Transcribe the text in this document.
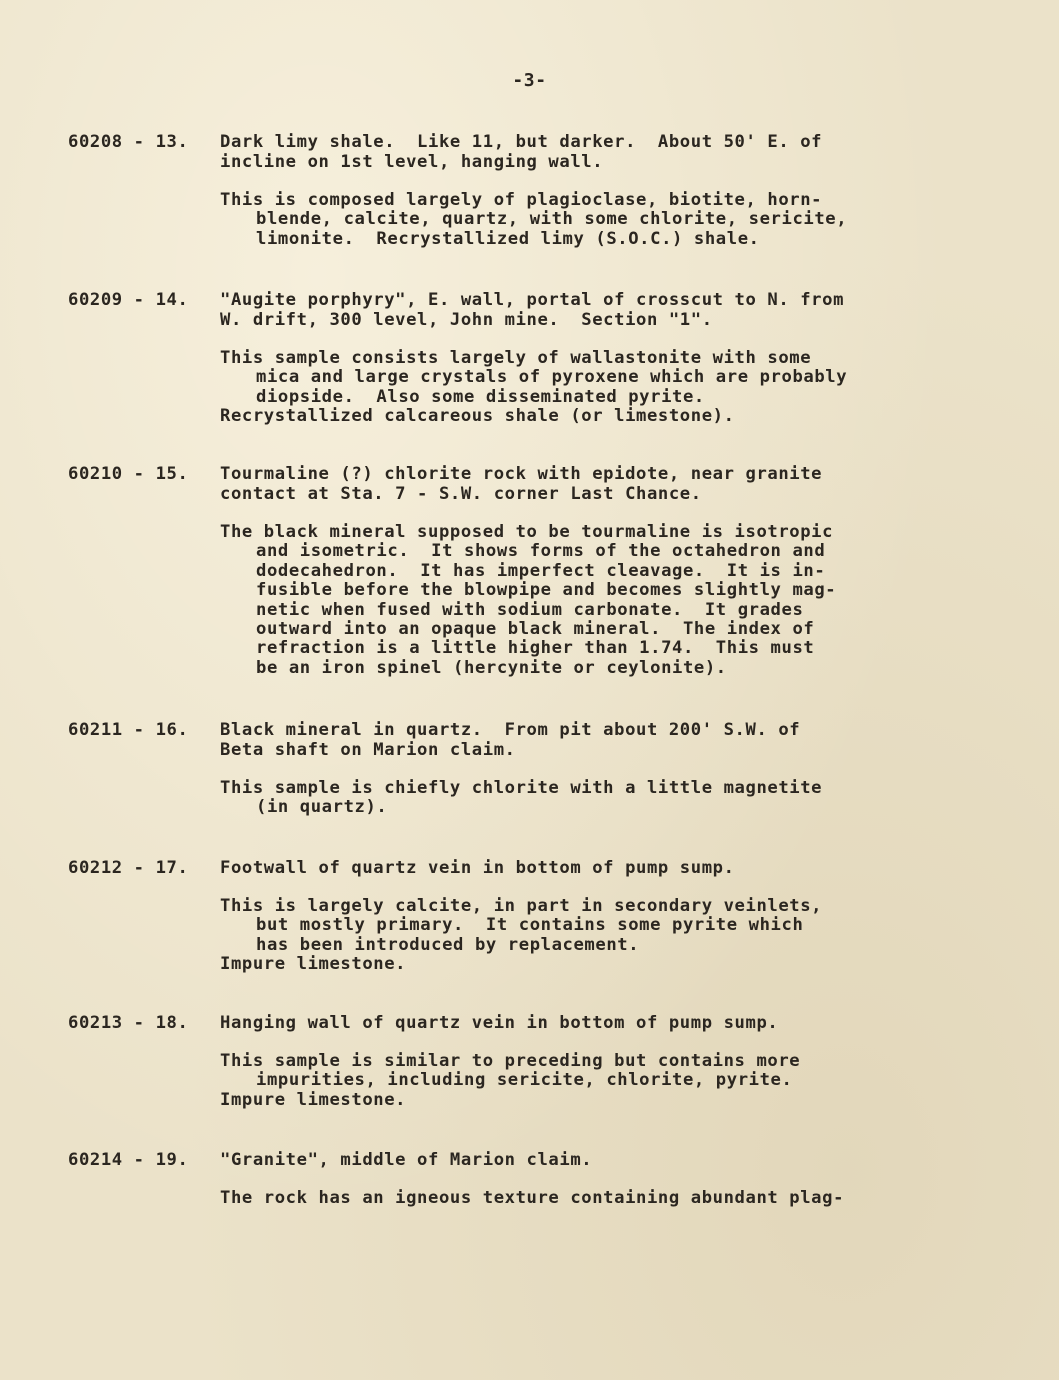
-3-
60208 - 13. Dark limy shale.  Like 11, but darker.  About 50' E. of
incline on 1st level, hanging wall.
This is composed largely of plagioclase, biotite, horn-
blende, calcite, quartz, with some chlorite, sericite,
limonite.  Recrystallized limy (S.O.C.) shale.
60209 - 14. "Augite porphyry", E. wall, portal of crosscut to N. from
W. drift, 300 level, John mine.  Section "1".
This sample consists largely of wallastonite with some
mica and large crystals of pyroxene which are probably
diopside.  Also some disseminated pyrite.
Recrystallized calcareous shale (or limestone).
60210 - 15. Tourmaline (?) chlorite rock with epidote, near granite
contact at Sta. 7 - S.W. corner Last Chance.
The black mineral supposed to be tourmaline is isotropic
and isometric.  It shows forms of the octahedron and
dodecahedron.  It has imperfect cleavage.  It is in-
fusible before the blowpipe and becomes slightly mag-
netic when fused with sodium carbonate.  It grades
outward into an opaque black mineral.  The index of
refraction is a little higher than 1.74.  This must
be an iron spinel (hercynite or ceylonite).
60211 - 16. Black mineral in quartz.  From pit about 200' S.W. of
Beta shaft on Marion claim.
This sample is chiefly chlorite with a little magnetite
(in quartz).
60212 - 17. Footwall of quartz vein in bottom of pump sump.
This is largely calcite, in part in secondary veinlets,
but mostly primary.  It contains some pyrite which
has been introduced by replacement.
Impure limestone.
60213 - 18. Hanging wall of quartz vein in bottom of pump sump.
This sample is similar to preceding but contains more
impurities, including sericite, chlorite, pyrite.
Impure limestone.
60214 - 19. "Granite", middle of Marion claim.
The rock has an igneous texture containing abundant plag-
